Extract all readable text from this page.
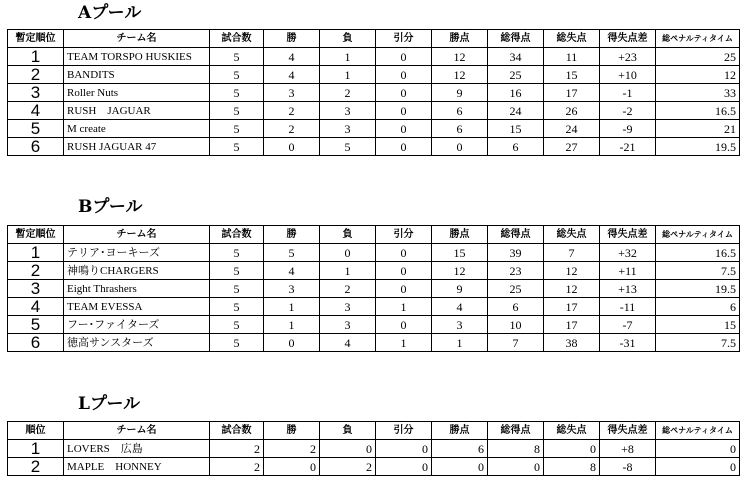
Aプール
暫定順位	チーム名	試合数	勝	負	引分	勝点	総得点	総失点	得失点差	総ペナルティタイム
1	TEAM TORSPO HUSKIES	5	4	1	0	12	34	11	+23	25
2	BANDITS	5	4	1	0	12	25	15	+10	12
3	Roller Nuts	5	3	2	0	9	16	17	-1	33
4	RUSH　JAGUAR	5	2	3	0	6	24	26	-2	16.5
5	M create	5	2	3	0	6	15	24	-9	21
6	RUSH JAGUAR 47	5	0	5	0	0	6	27	-21	19.5
Bプール
暫定順位	チーム名	試合数	勝	負	引分	勝点	総得点	総失点	得失点差	総ペナルティタイム
1	テリア･ヨーキーズ	5	5	0	0	15	39	7	+32	16.5
2	神鳴りCHARGERS	5	4	1	0	12	23	12	+11	7.5
3	Eight Thrashers	5	3	2	0	9	25	12	+13	19.5
4	TEAM EVESSA	5	1	3	1	4	6	17	-11	6
5	フー･ファイターズ	5	1	3	0	3	10	17	-7	15
6	徳高サンスターズ	5	0	4	1	1	7	38	-31	7.5
Lプール
順位	チーム名	試合数	勝	負	引分	勝点	総得点	総失点	得失点差	総ペナルティタイム
1	LOVERS　広島	2	2	0	0	6	8	0	+8	0
2	MAPLE　HONNEY	2	0	2	0	0	0	8	-8	0
